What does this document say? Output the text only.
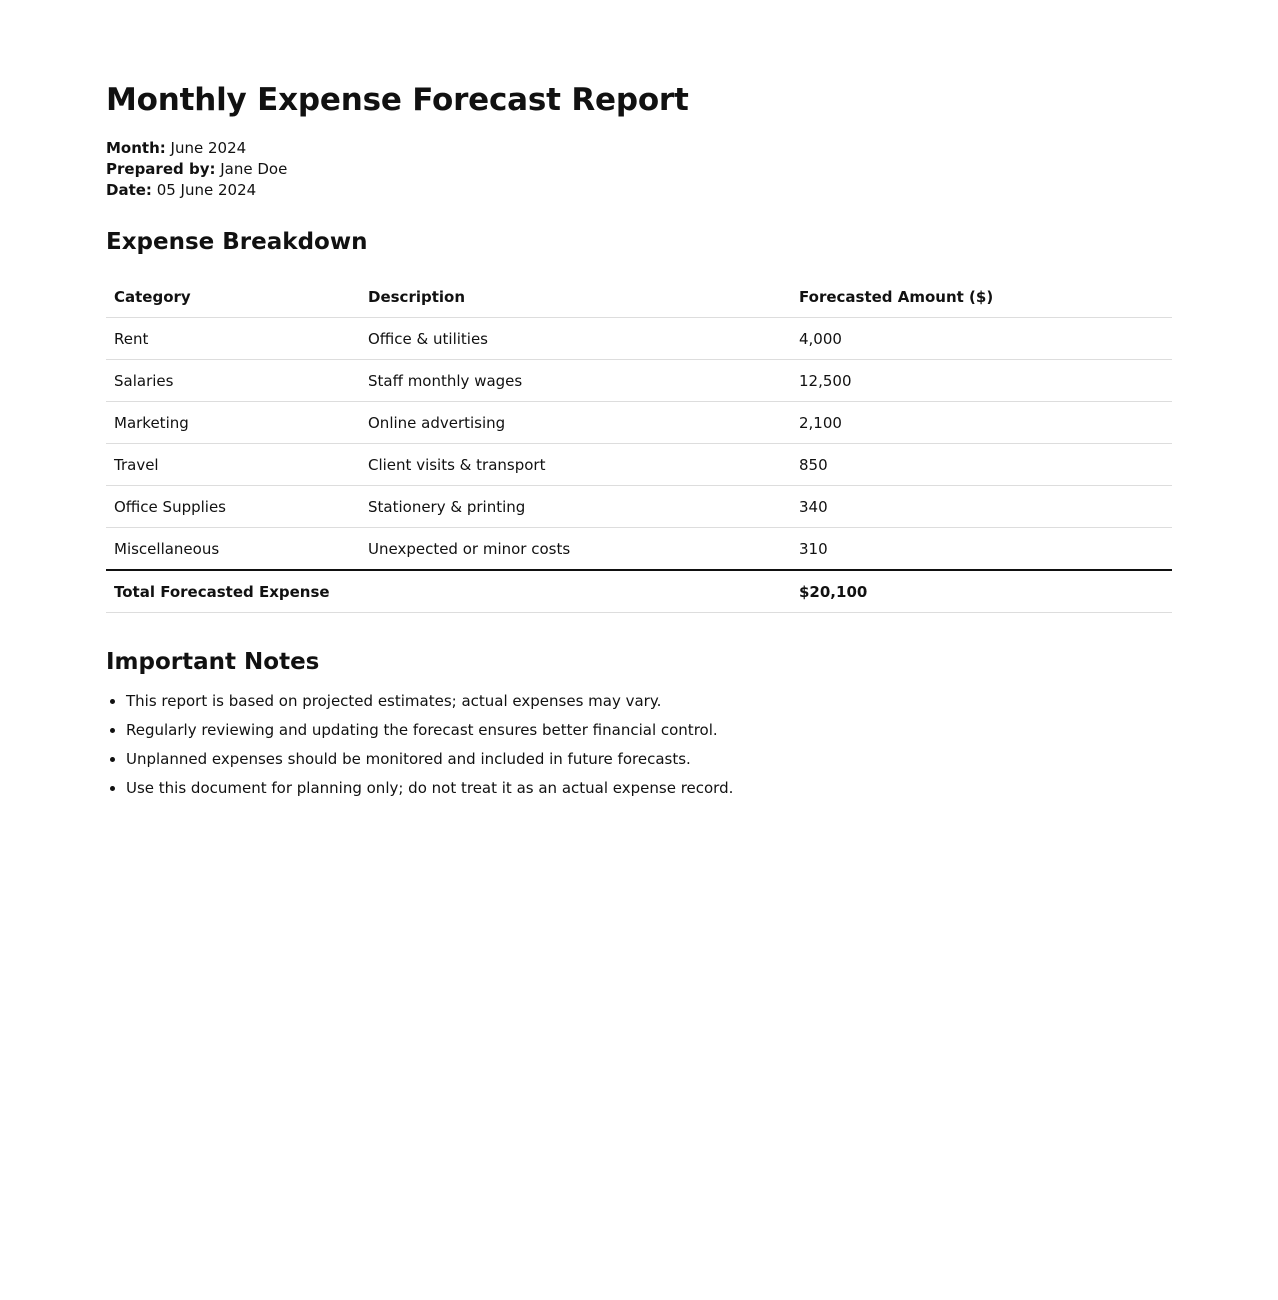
Monthly Expense Forecast Report
Month: June 2024
Prepared by: Jane Doe
Date: 05 June 2024
Expense Breakdown
Category	Description	Forecasted Amount ($)
Rent	Office & utilities	4,000
Salaries	Staff monthly wages	12,500
Marketing	Online advertising	2,100
Travel	Client visits & transport	850
Office Supplies	Stationery & printing	340
Miscellaneous	Unexpected or minor costs	310
Total Forecasted Expense		$20,100
Important Notes
• This report is based on projected estimates; actual expenses may vary.
• Regularly reviewing and updating the forecast ensures better financial control.
• Unplanned expenses should be monitored and included in future forecasts.
• Use this document for planning only; do not treat it as an actual expense record.
